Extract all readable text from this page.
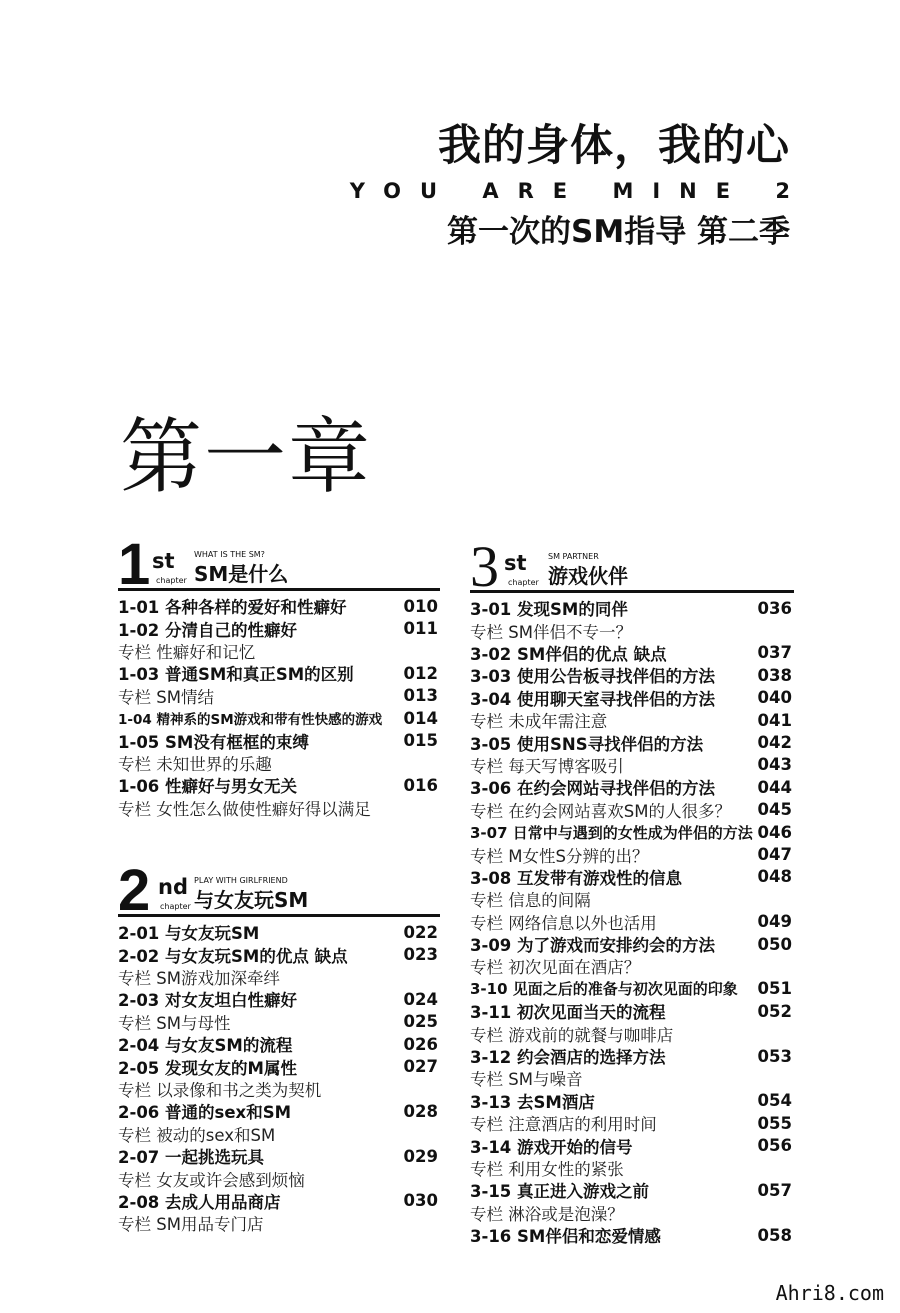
我的身体，我的心
YOU ARE MINE 2
第一次的SM指导 第二季
第一章
1 st
chapter
WHAT IS THE SM?
SM是什么
1-01 各种各样的爱好和性癖好	010
1-02 分清自己的性癖好	011
专栏 性癖好和记忆
1-03 普通SM和真正SM的区别	012
专栏 SM情结	013
1-04 精神系的SM游戏和带有性快感的游戏 014
1-05 SM没有框框的束缚	015
专栏 未知世界的乐趣
1-06 性癖好与男女无关	016
专栏 女性怎么做使性癖好得以满足
2 nd
chapter
PLAY WITH GIRLFRIEND
与女友玩SM
2-01 与女友玩SM	022
2-02 与女友玩SM的优点 缺点	023
专栏 SM游戏加深牵绊
2-03 对女友坦白性癖好	024
专栏 SM与母性	025
2-04 与女友SM的流程	026
2-05 发现女友的M属性	027
专栏 以录像和书之类为契机
2-06 普通的sex和SM	028
专栏 被动的sex和SM
2-07 一起挑选玩具	029
专栏 女友或许会感到烦恼
2-08 去成人用品商店	030
专栏 SM用品专门店
3 st
chapter
SM PARTNER
游戏伙伴
3-01 发现SM的同伴	036
专栏 SM伴侣不专一？
3-02 SM伴侣的优点 缺点	037
3-03 使用公告板寻找伴侣的方法	038
3-04 使用聊天室寻找伴侣的方法	040
专栏 未成年需注意	041
3-05 使用SNS寻找伴侣的方法	042
专栏 每天写博客吸引	043
3-06 在约会网站寻找伴侣的方法	044
专栏 在约会网站喜欢SM的人很多？ 045
3-07 日常中与遇到的女性成为伴侣的方法 046
专栏 M女性S分辨的出？	047
3-08 互发带有游戏性的信息	048
专栏 信息的间隔
专栏 网络信息以外也活用	049
3-09 为了游戏而安排约会的方法	050
专栏 初次见面在酒店？
3-10 见面之后的准备与初次见面的印象 051
3-11 初次见面当天的流程	052
专栏 游戏前的就餐与咖啡店
3-12 约会酒店的选择方法	053
专栏 SM与噪音
3-13 去SM酒店	054
专栏 注意酒店的利用时间	055
3-14 游戏开始的信号	056
专栏 利用女性的紧张
3-15 真正进入游戏之前	057
专栏 淋浴或是泡澡？
3-16 SM伴侣和恋爱情感	058
Ahri8.com
